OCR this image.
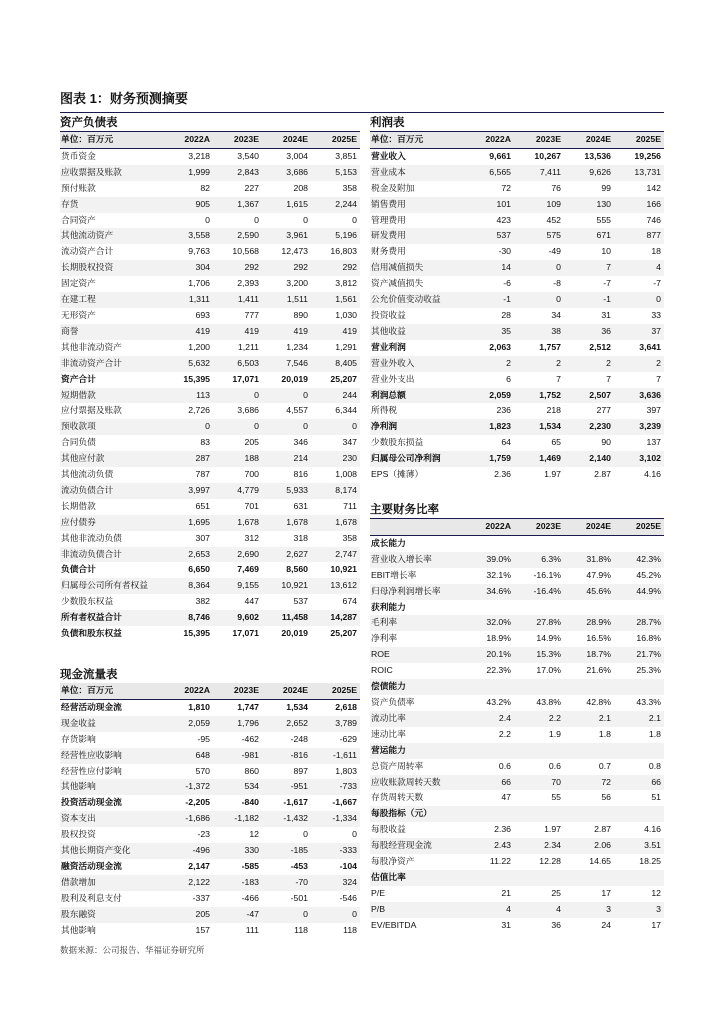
图表 1：财务预测摘要
资产负债表
单位：百万元	2022A	2023E	2024E	2025E
货币资金	3,218	3,540	3,004	3,851
应收票据及账款	1,999	2,843	3,686	5,153
预付账款	82	227	208	358
存货	905	1,367	1,615	2,244
合同资产	0	0	0	0
其他流动资产	3,558	2,590	3,961	5,196
流动资产合计	9,763	10,568	12,473	16,803
长期股权投资	304	292	292	292
固定资产	1,706	2,393	3,200	3,812
在建工程	1,311	1,411	1,511	1,561
无形资产	693	777	890	1,030
商誉	419	419	419	419
其他非流动资产	1,200	1,211	1,234	1,291
非流动资产合计	5,632	6,503	7,546	8,405
资产合计	15,395	17,071	20,019	25,207
短期借款	113	0	0	244
应付票据及账款	2,726	3,686	4,557	6,344
预收款项	0	0	0	0
合同负债	83	205	346	347
其他应付款	287	188	214	230
其他流动负债	787	700	816	1,008
流动负债合计	3,997	4,779	5,933	8,174
长期借款	651	701	631	711
应付债券	1,695	1,678	1,678	1,678
其他非流动负债	307	312	318	358
非流动负债合计	2,653	2,690	2,627	2,747
负债合计	6,650	7,469	8,560	10,921
归属母公司所有者权益	8,364	9,155	10,921	13,612
少数股东权益	382	447	537	674
所有者权益合计	8,746	9,602	11,458	14,287
负债和股东权益	15,395	17,071	20,019	25,207
现金流量表
单位：百万元	2022A	2023E	2024E	2025E
经营活动现金流	1,810	1,747	1,534	2,618
现金收益	2,059	1,796	2,652	3,789
存货影响	-95	-462	-248	-629
经营性应收影响	648	-981	-816	-1,611
经营性应付影响	570	860	897	1,803
其他影响	-1,372	534	-951	-733
投资活动现金流	-2,205	-840	-1,617	-1,667
资本支出	-1,686	-1,182	-1,432	-1,334
股权投资	-23	12	0	0
其他长期资产变化	-496	330	-185	-333
融资活动现金流	2,147	-585	-453	-104
借款增加	2,122	-183	-70	324
股利及利息支付	-337	-466	-501	-546
股东融资	205	-47	0	0
其他影响	157	111	118	118
利润表
单位：百万元	2022A	2023E	2024E	2025E
营业收入	9,661	10,267	13,536	19,256
营业成本	6,565	7,411	9,626	13,731
税金及附加	72	76	99	142
销售费用	101	109	130	166
管理费用	423	452	555	746
研发费用	537	575	671	877
财务费用	-30	-49	10	18
信用减值损失	14	0	7	4
资产减值损失	-6	-8	-7	-7
公允价值变动收益	-1	0	-1	0
投资收益	28	34	31	33
其他收益	35	38	36	37
营业利润	2,063	1,757	2,512	3,641
营业外收入	2	2	2	2
营业外支出	6	7	7	7
利润总额	2,059	1,752	2,507	3,636
所得税	236	218	277	397
净利润	1,823	1,534	2,230	3,239
少数股东损益	64	65	90	137
归属母公司净利润	1,759	1,469	2,140	3,102
EPS（摊薄）	2.36	1.97	2.87	4.16
主要财务比率
	2022A	2023E	2024E	2025E
成长能力				
营业收入增长率	39.0%	6.3%	31.8%	42.3%
EBIT增长率	32.1%	-16.1%	47.9%	45.2%
归母净利润增长率	34.6%	-16.4%	45.6%	44.9%
获利能力				
毛利率	32.0%	27.8%	28.9%	28.7%
净利率	18.9%	14.9%	16.5%	16.8%
ROE	20.1%	15.3%	18.7%	21.7%
ROIC	22.3%	17.0%	21.6%	25.3%
偿债能力				
资产负债率	43.2%	43.8%	42.8%	43.3%
流动比率	2.4	2.2	2.1	2.1
速动比率	2.2	1.9	1.8	1.8
营运能力				
总资产周转率	0.6	0.6	0.7	0.8
应收账款周转天数	66	70	72	66
存货周转天数	47	55	56	51
每股指标（元）				
每股收益	2.36	1.97	2.87	4.16
每股经营现金流	2.43	2.34	2.06	3.51
每股净资产	11.22	12.28	14.65	18.25
估值比率				
P/E	21	25	17	12
P/B	4	4	3	3
EV/EBITDA	31	36	24	17
数据来源：公司报告、华福证券研究所
